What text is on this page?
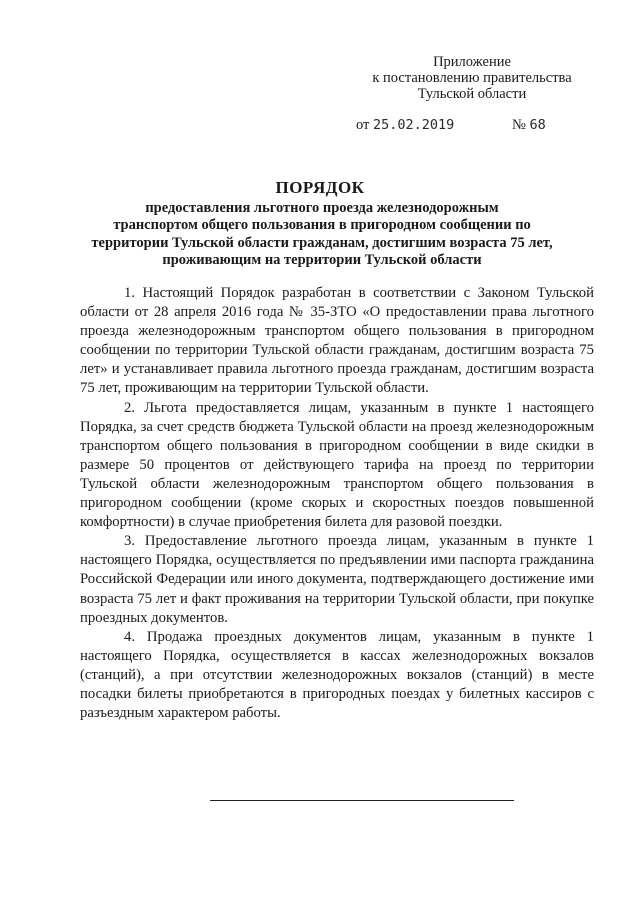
Приложение
к постановлению правительства
Тульской области
от 25.02.2019	№ 68
ПОРЯДОК
предоставления льготного проезда железнодорожным
транспортом общего пользования в пригородном сообщении по
территории Тульской области гражданам, достигшим возраста 75 лет,
проживающим на территории Тульской области

1. Настоящий Порядок разработан в соответствии с Законом Тульской области от 28 апреля 2016 года № 35-ЗТО «О предоставлении права льготного проезда железнодорожным транспортом общего пользования в пригородном сообщении по территории Тульской области гражданам, достигшим возраста 75 лет» и устанавливает правила льготного проезда гражданам, достигшим возраста 75 лет, проживающим на территории Тульской области.

2. Льгота предоставляется лицам, указанным в пункте 1 настоящего Порядка, за счет средств бюджета Тульской области на проезд железнодорожным транспортом общего пользования в пригородном сообщении в виде скидки в размере 50 процентов от действующего тарифа на проезд по территории Тульской области железнодорожным транспортом общего пользования в пригородном сообщении (кроме скорых и скоростных поездов повышенной комфортности) в случае приобретения билета для разовой поездки.

3. Предоставление льготного проезда лицам, указанным в пункте 1 настоящего Порядка, осуществляется по предъявлении ими паспорта гражданина Российской Федерации или иного документа, подтверждающего достижение ими возраста 75 лет и факт проживания на территории Тульской области, при покупке проездных документов.

4. Продажа проездных документов лицам, указанным в пункте 1 настоящего Порядка, осуществляется в кассах железнодорожных вокзалов (станций), а при отсутствии железнодорожных вокзалов (станций) в месте посадки билеты приобретаются в пригородных поездах у билетных кассиров с разъездным характером работы.
